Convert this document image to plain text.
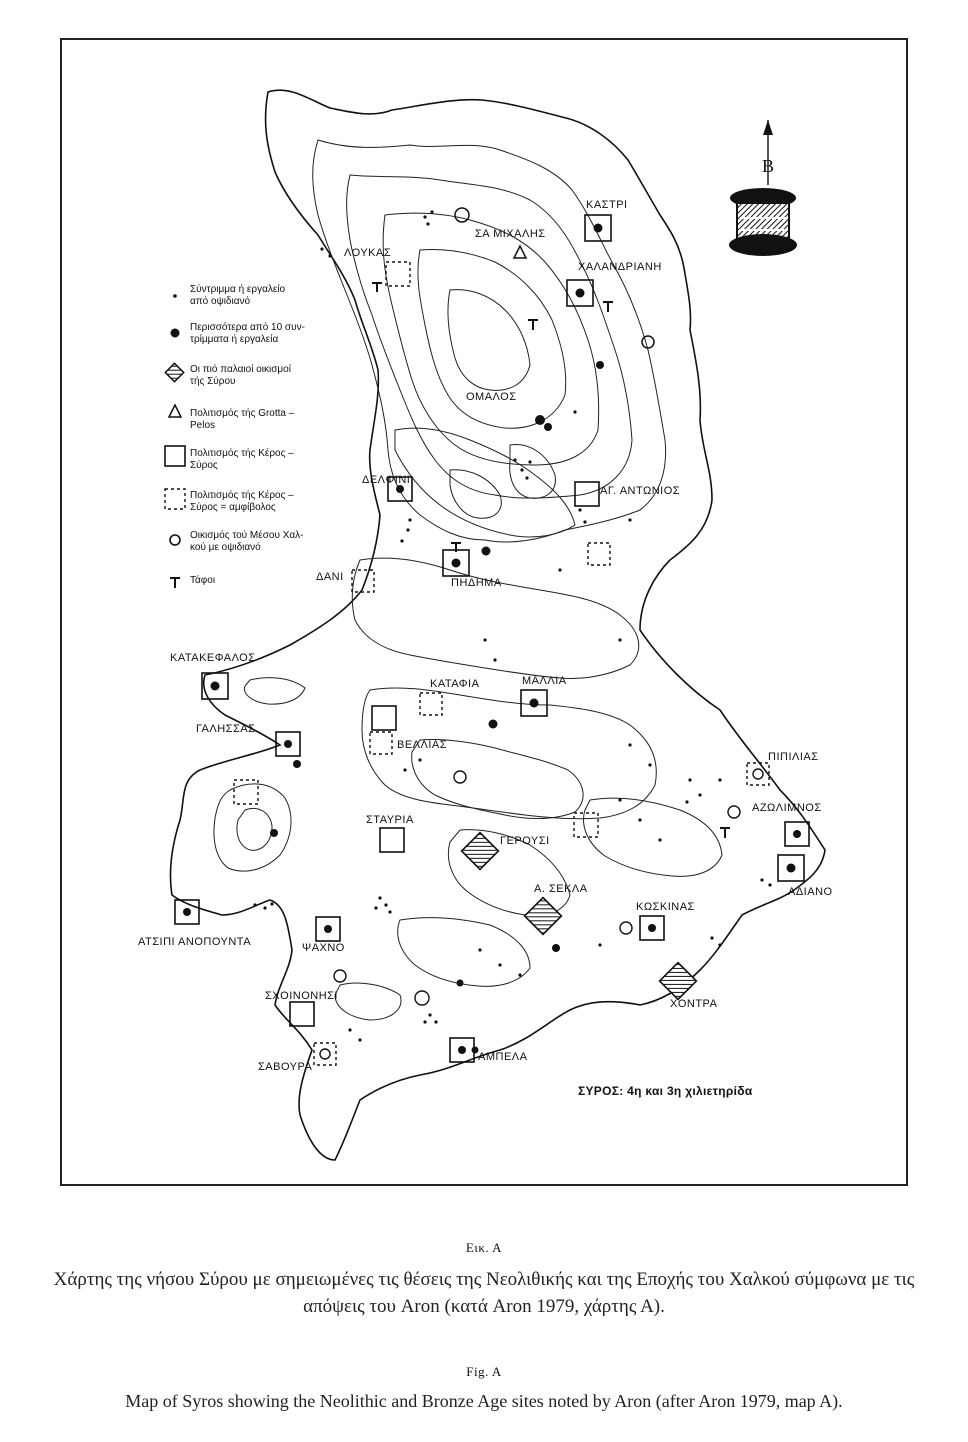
Β
ΛΟΥΚΑΣ
ΣΑ ΜΙΧΑΛΗΣ
ΚΑΣΤΡΙ
ΧΑΛΑΝΔΡΙΑΝΗ
ΟΜΑΛΟΣ
ΔΕΛΦΙΝΙ
ΑΓ. ΑΝΤΩΝΙΟΣ
ΔΑΝΙ	ΠΗΔΗΜΑ
ΚΑΤΑΚΕΦΑΛΟΣ
ΚΑΤΑΦΙΑ	ΜΑΛΛΙΑ
ΓΑΛΗΣΣΑΣ
ΒΕΛΛΙΑΣ
ΠΙΠΙΛΙΑΣ
ΑΖΩΛΙΜΝΟΣ
ΣΤΑΥΡΙΑ
ΓΕΡΟΥΣΙ
ΑΔΙΑΝΟ
Α. ΣΕΚΛΑ
ΚΩΣΚΙΝΑΣ
ΑΤΣΙΠΙ ΑΝΟΠΟΥΝΤΑ	ΨΑΧΝΟ
ΧΟΝΤΡΑ
ΣΧΟΙΝΟΝΗΣΙ
ΣΑΒΟΥΡΑ
ΑΜΠΕΛΑ
ΣΥΡΟΣ: 4η και 3η χιλιετηρίδα
Σύντριμμα ή εργαλείο
από οψιδιανό
Περισσότερα από 10 συν-
τρίμματα ή εργαλεία
Οι πιό παλαιοί οικισμοί
τής Σύρου
Πολιτισμός τής Grotta –
Pelos
Πολιτισμός τής Κέρος –
Σύρος
Πολιτισμός τής Κέρος –
Σύρος = αμφίβολος
Οικισμός τού Μέσου Χαλ-
κού με οψιδιανό
Τάφοι
Εικ. Α
Χάρτης της νήσου Σύρου με σημειωμένες τις θέσεις της Νεολιθικής και της Εποχής του Χαλκού σύμφωνα με τις απόψεις του Aron (κατά Aron 1979, χάρτης Α).
Fig. A
Map of Syros showing the Neolithic and Bronze Age sites noted by Aron (after Aron 1979, map A).
